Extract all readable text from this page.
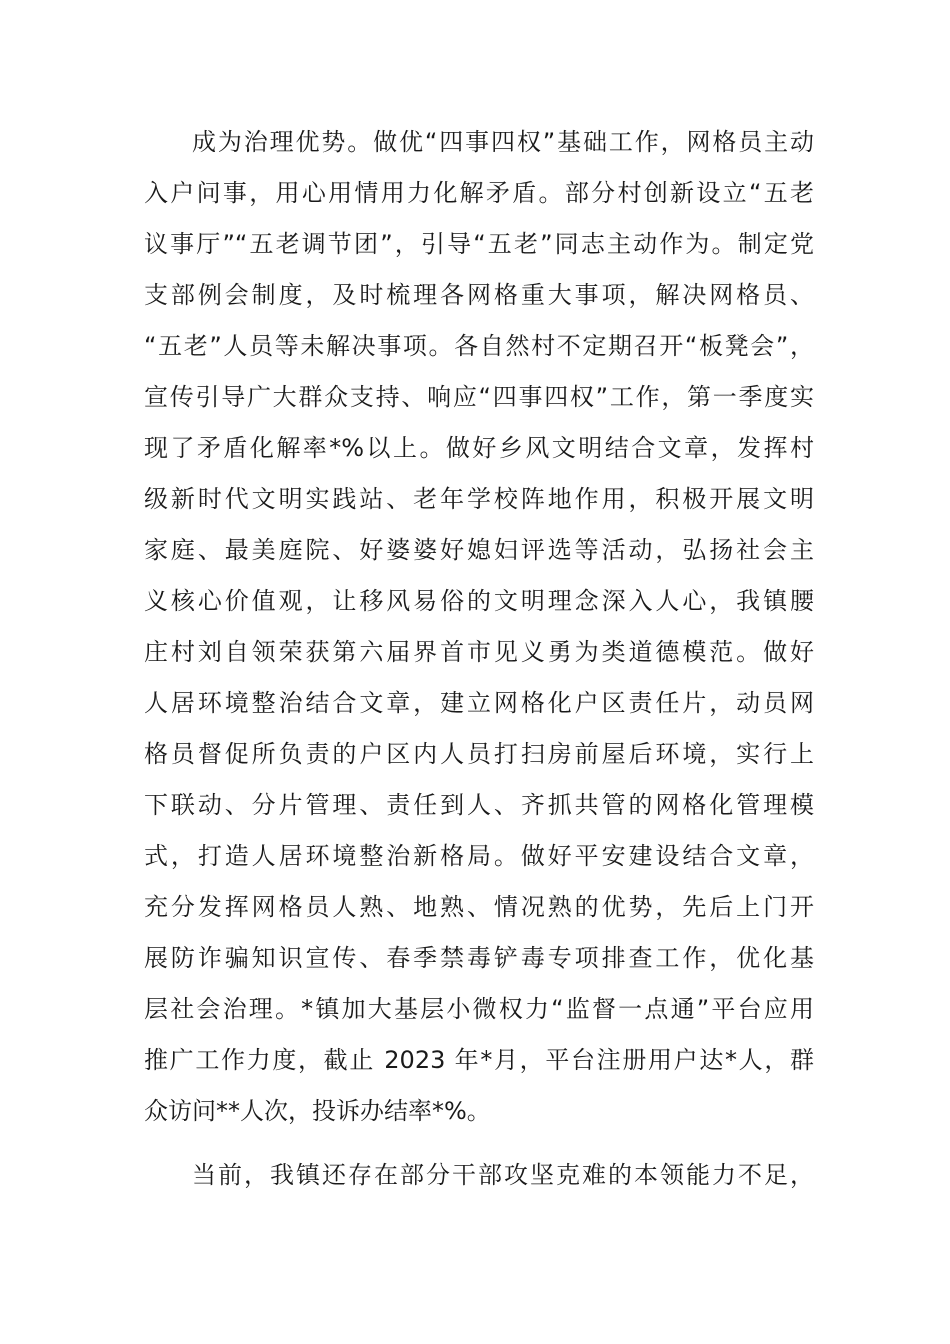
成为治理优势。做优“四事四权”基础工作，网格员主动
入户问事，用心用情用力化解矛盾。部分村创新设立“五老
议事厅”“五老调节团”，引导“五老”同志主动作为。制定党
支部例会制度，及时梳理各网格重大事项，解决网格员、
“五老”人员等未解决事项。各自然村不定期召开“板凳会”，
宣传引导广大群众支持、响应“四事四权”工作，第一季度实
现了矛盾化解率*%以上。做好乡风文明结合文章，发挥村
级新时代文明实践站、老年学校阵地作用，积极开展文明
家庭、最美庭院、好婆婆好媳妇评选等活动，弘扬社会主
义核心价值观，让移风易俗的文明理念深入人心，我镇腰
庄村刘自领荣获第六届界首市见义勇为类道德模范。做好
人居环境整治结合文章，建立网格化户区责任片，动员网
格员督促所负责的户区内人员打扫房前屋后环境，实行上
下联动、分片管理、责任到人、齐抓共管的网格化管理模
式，打造人居环境整治新格局。做好平安建设结合文章，
充分发挥网格员人熟、地熟、情况熟的优势，先后上门开
展防诈骗知识宣传、春季禁毒铲毒专项排查工作，优化基
层社会治理。*镇加大基层小微权力“监督一点通”平台应用
推广工作力度，截止 2023 年*月，平台注册用户达*人，群
众访问**人次，投诉办结率*%。
当前，我镇还存在部分干部攻坚克难的本领能力不足，
